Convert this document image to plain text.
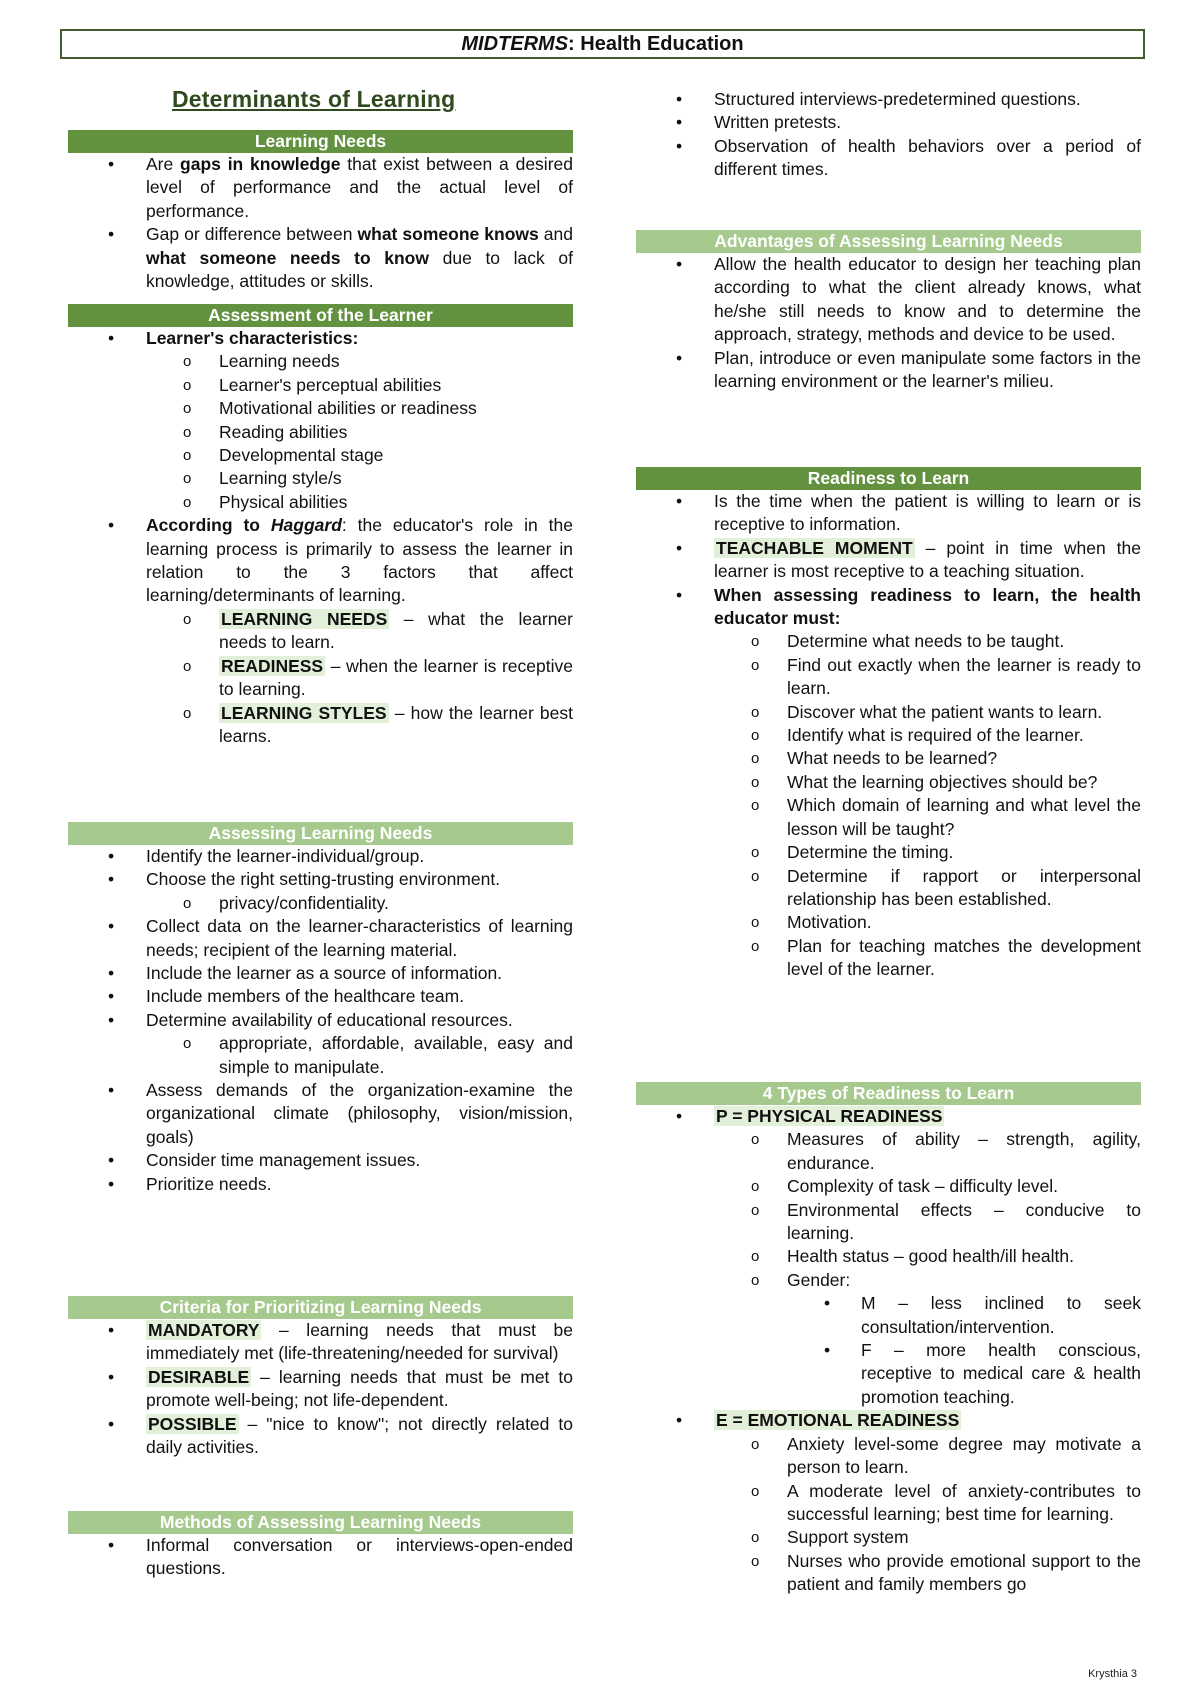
MIDTERMS: Health Education
Determinants of Learning
Learning Needs
• Are gaps in knowledge that exist between a desired level of performance and the actual level of performance.
• Gap or difference between what someone knows and what someone needs to know due to lack of knowledge, attitudes or skills.
Assessment of the Learner
• Learner's characteristics:
o Learning needs
o Learner's perceptual abilities
o Motivational abilities or readiness
o Reading abilities
o Developmental stage
o Learning style/s
o Physical abilities
• According to Haggard: the educator's role in the learning process is primarily to assess the learner in relation to the 3 factors that affect learning/determinants of learning.
o LEARNING NEEDS – what the learner needs to learn.
o READINESS – when the learner is receptive to learning.
o LEARNING STYLES – how the learner best learns.
Assessing Learning Needs
• Identify the learner-individual/group.
• Choose the right setting-trusting environment.
o privacy/confidentiality.
• Collect data on the learner-characteristics of learning needs; recipient of the learning material.
• Include the learner as a source of information.
• Include members of the healthcare team.
• Determine availability of educational resources.
o appropriate, affordable, available, easy and simple to manipulate.
• Assess demands of the organization-examine the organizational climate (philosophy, vision/mission, goals)
• Consider time management issues.
• Prioritize needs.
Criteria for Prioritizing Learning Needs
• MANDATORY – learning needs that must be immediately met (life-threatening/needed for survival)
• DESIRABLE – learning needs that must be met to promote well-being; not life-dependent.
• POSSIBLE – "nice to know"; not directly related to daily activities.
Methods of Assessing Learning Needs
• Informal conversation or interviews-open-ended questions.
• Structured interviews-predetermined questions.
• Written pretests.
• Observation of health behaviors over a period of different times.
Advantages of Assessing Learning Needs
• Allow the health educator to design her teaching plan according to what the client already knows, what he/she still needs to know and to determine the approach, strategy, methods and device to be used.
• Plan, introduce or even manipulate some factors in the learning environment or the learner's milieu.
Readiness to Learn
• Is the time when the patient is willing to learn or is receptive to information.
• TEACHABLE MOMENT – point in time when the learner is most receptive to a teaching situation.
• When assessing readiness to learn, the health educator must:
o Determine what needs to be taught.
o Find out exactly when the learner is ready to learn.
o Discover what the patient wants to learn.
o Identify what is required of the learner.
o What needs to be learned?
o What the learning objectives should be?
o Which domain of learning and what level the lesson will be taught?
o Determine the timing.
o Determine if rapport or interpersonal relationship has been established.
o Motivation.
o Plan for teaching matches the development level of the learner.
4 Types of Readiness to Learn
• P = PHYSICAL READINESS
o Measures of ability – strength, agility, endurance.
o Complexity of task – difficulty level.
o Environmental effects – conducive to learning.
o Health status – good health/ill health.
o Gender:
• M – less inclined to seek consultation/intervention.
• F – more health conscious, receptive to medical care & health promotion teaching.
• E = EMOTIONAL READINESS
o Anxiety level-some degree may motivate a person to learn.
o A moderate level of anxiety-contributes to successful learning; best time for learning.
o Support system
o Nurses who provide emotional support to the patient and family members go
Krysthia 3
